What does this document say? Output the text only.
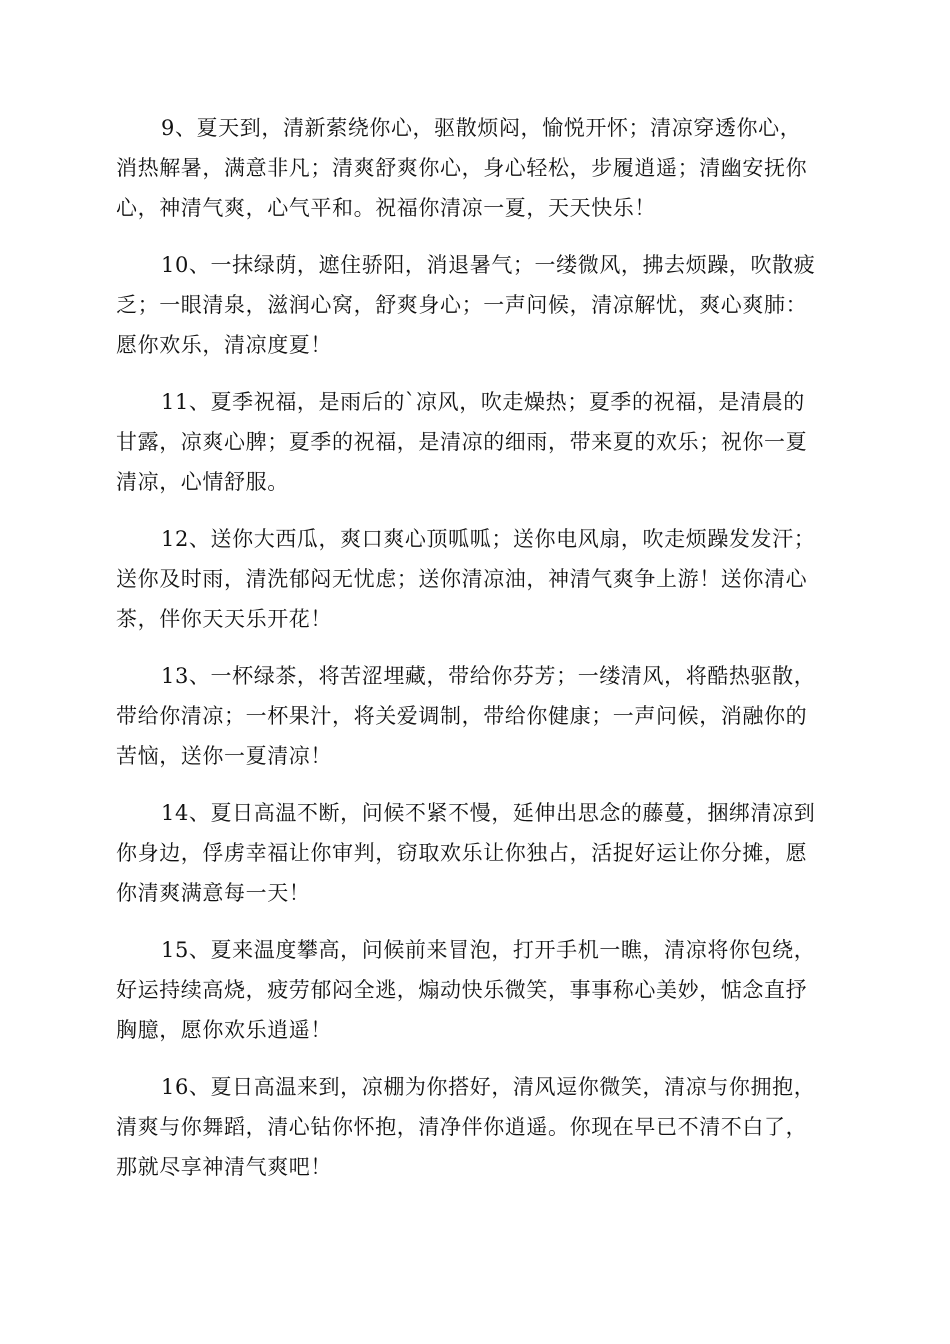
9、夏天到，清新萦绕你心，驱散烦闷，愉悦开怀；清凉穿透你心，
消热解暑，满意非凡；清爽舒爽你心，身心轻松，步履逍遥；清幽安抚你
心，神清气爽，心气平和。祝福你清凉一夏，天天快乐！

10、一抹绿荫，遮住骄阳，消退暑气；一缕微风，拂去烦躁，吹散疲
乏；一眼清泉，滋润心窝，舒爽身心；一声问候，清凉解忧，爽心爽肺：
愿你欢乐，清凉度夏！

11、夏季祝福，是雨后的`凉风，吹走燥热；夏季的祝福，是清晨的
甘露，凉爽心脾；夏季的祝福，是清凉的细雨，带来夏的欢乐；祝你一夏
清凉，心情舒服。

12、送你大西瓜，爽口爽心顶呱呱；送你电风扇，吹走烦躁发发汗；
送你及时雨，清洗郁闷无忧虑；送你清凉油，神清气爽争上游！送你清心
茶，伴你天天乐开花！

13、一杯绿茶，将苦涩埋藏，带给你芬芳；一缕清风，将酷热驱散，
带给你清凉；一杯果汁，将关爱调制，带给你健康；一声问候，消融你的
苦恼，送你一夏清凉！

14、夏日高温不断，问候不紧不慢，延伸出思念的藤蔓，捆绑清凉到
你身边，俘虏幸福让你审判，窃取欢乐让你独占，活捉好运让你分摊，愿
你清爽满意每一天！

15、夏来温度攀高，问候前来冒泡，打开手机一瞧，清凉将你包绕，
好运持续高烧，疲劳郁闷全逃，煽动快乐微笑，事事称心美妙，惦念直抒
胸臆，愿你欢乐逍遥！

16、夏日高温来到，凉棚为你搭好，清风逗你微笑，清凉与你拥抱，
清爽与你舞蹈，清心钻你怀抱，清净伴你逍遥。你现在早已不清不白了，
那就尽享神清气爽吧！
